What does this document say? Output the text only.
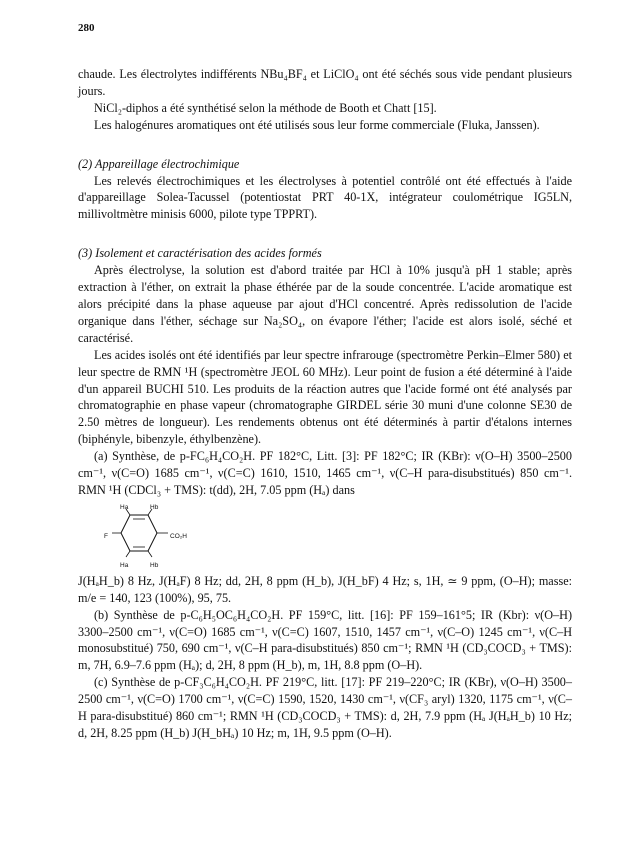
280

chaude. Les électrolytes indifférents NBu₄BF₄ et LiClO₄ ont été séchés sous vide pendant plusieurs jours.

NiCl₂-diphos a été synthétisé selon la méthode de Booth et Chatt [15].

Les halogénures aromatiques ont été utilisés sous leur forme commerciale (Fluka, Janssen).

(2) Appareillage électrochimique

Les relevés électrochimiques et les électrolyses à potentiel contrôlé ont été effectués à l'aide d'appareillage Solea-Tacussel (potentiostat PRT 40-1X, intégrateur coulométrique IG5LN, millivoltmètre minisis 6000, pilote type TPPRT).

(3) Isolement et caractérisation des acides formés

Après électrolyse, la solution est d'abord traitée par HCl à 10% jusqu'à pH 1 stable; après extraction à l'éther, on extrait la phase éthérée par de la soude concentrée. L'acide aromatique est alors précipité dans la phase aqueuse par ajout d'HCl concentré. Après redissolution de l'acide organique dans l'éther, séchage sur Na₂SO₄, on évapore l'éther; l'acide est alors isolé, séché et caractérisé.

Les acides isolés ont été identifiés par leur spectre infrarouge (spectromètre Perkin–Elmer 580) et leur spectre de RMN ¹H (spectromètre JEOL 60 MHz). Leur point de fusion a été déterminé à l'aide d'un appareil BUCHI 510. Les produits de la réaction autres que l'acide formé ont été analysés par chromatographie en phase vapeur (chromatographe GIRDEL série 30 muni d'une colonne SE30 de 2.50 mètres de longueur). Les rendements obtenus ont été déterminés à partir d'étalons internes (biphényle, bibenzyle, éthylbenzène).

(a) Synthèse, de p-FC₆H₄CO₂H. PF 182°C, Litt. [3]: PF 182°C; IR (KBr): ν(O–H) 3500–2500 cm⁻¹, ν(C=O) 1685 cm⁻¹, ν(C=C) 1610, 1510, 1465 cm⁻¹, ν(C–H para-disubstitués) 850 cm⁻¹. RMN ¹H (CDCl₃ + TMS): t(dd), 2H, 7.05 ppm (Hₐ) dans

Ha	Hb
F	CO₂H
Ha	Hb

J(HₐH_b) 8 Hz, J(HₐF) 8 Hz; dd, 2H, 8 ppm (H_b), J(H_bF) 4 Hz; s, 1H, ≃ 9 ppm, (O–H); masse: m/e = 140, 123 (100%), 95, 75.

(b) Synthèse de p-C₆H₅OC₆H₄CO₂H. PF 159°C, litt. [16]: PF 159–161°5; IR (Kbr): ν(O–H) 3300–2500 cm⁻¹, ν(C=O) 1685 cm⁻¹, ν(C=C) 1607, 1510, 1457 cm⁻¹, ν(C–O) 1245 cm⁻¹, ν(C–H monosubstitué) 750, 690 cm⁻¹, ν(C–H para-disubstitués) 850 cm⁻¹; RMN ¹H (CD₃COCD₃ + TMS): m, 7H, 6.9–7.6 ppm (Hₐ); d, 2H, 8 ppm (H_b), m, 1H, 8.8 ppm (O–H).

(c) Synthèse de p-CF₃C₆H₄CO₂H. PF 219°C, litt. [17]: PF 219–220°C; IR (KBr), ν(O–H) 3500–2500 cm⁻¹, ν(C=O) 1700 cm⁻¹, ν(C=C) 1590, 1520, 1430 cm⁻¹, ν(CF₃ aryl) 1320, 1175 cm⁻¹, ν(C–H para-disubstitué) 860 cm⁻¹; RMN ¹H (CD₃COCD₃ + TMS): d, 2H, 7.9 ppm (Hₐ J(HₐH_b) 10 Hz; d, 2H, 8.25 ppm (H_b) J(H_bHₐ) 10 Hz; m, 1H, 9.5 ppm (O–H).
